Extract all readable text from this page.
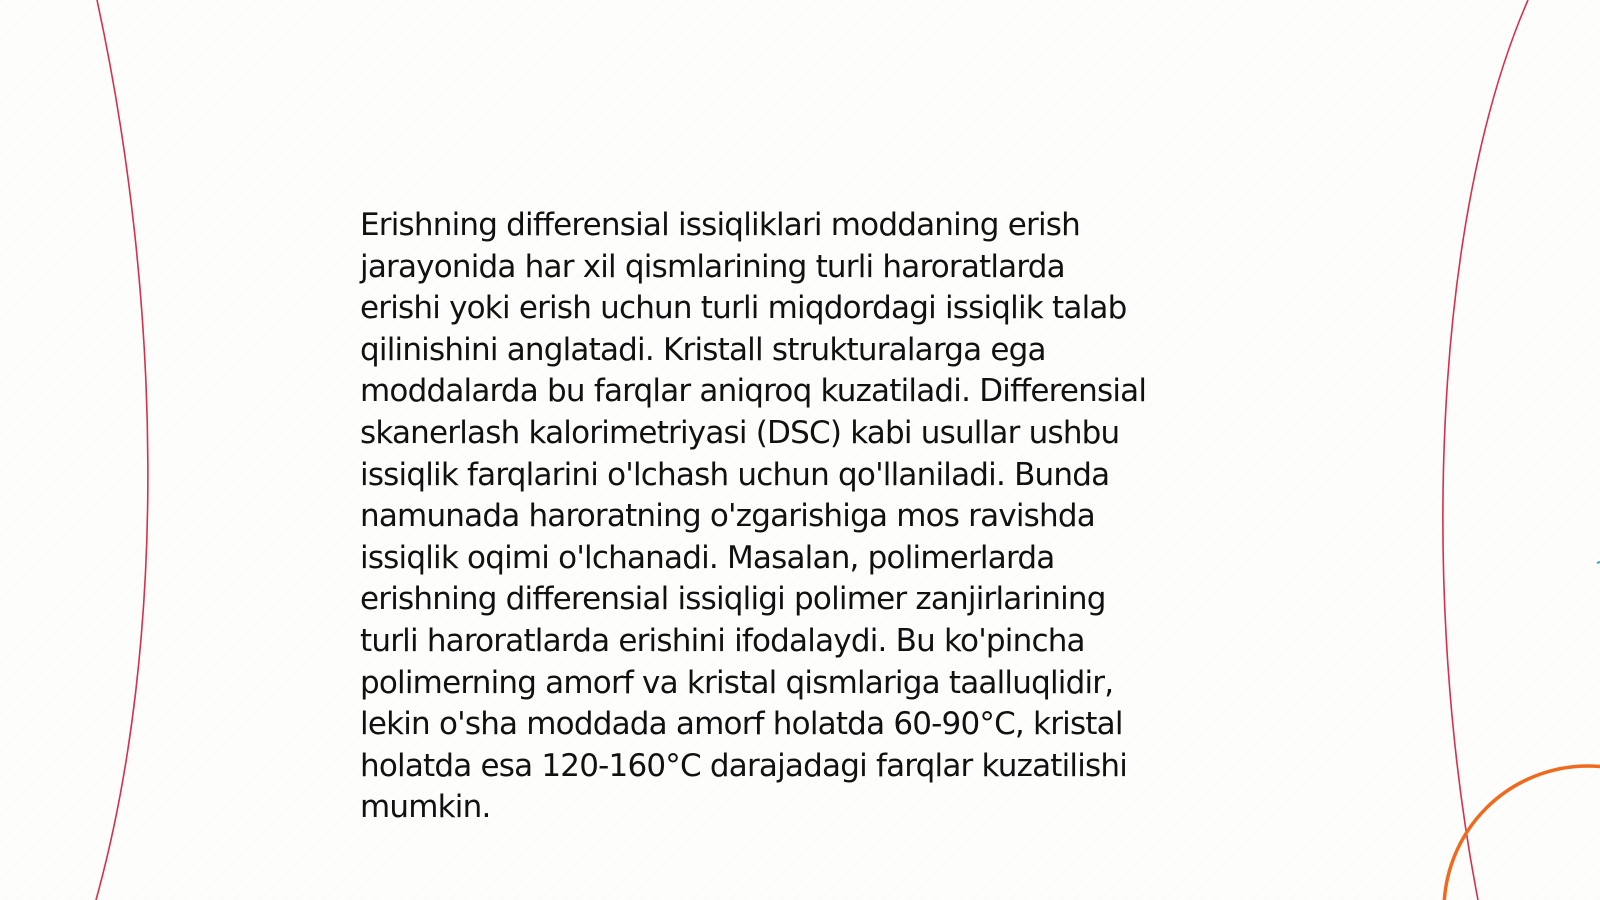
Erishning differensial issiqliklari moddaning erish
jarayonida har xil qismlarining turli haroratlarda
erishi yoki erish uchun turli miqdordagi issiqlik talab
qilinishini anglatadi. Kristall strukturalarga ega
moddalarda bu farqlar aniqroq kuzatiladi. Differensial
skanerlash kalorimetriyasi (DSC) kabi usullar ushbu
issiqlik farqlarini o'lchash uchun qo'llaniladi. Bunda
namunada haroratning o'zgarishiga mos ravishda
issiqlik oqimi o'lchanadi. Masalan, polimerlarda
erishning differensial issiqligi polimer zanjirlarining
turli haroratlarda erishini ifodalaydi. Bu ko'pincha
polimerning amorf va kristal qismlariga taalluqlidir,
lekin o'sha moddada amorf holatda 60-90°C, kristal
holatda esa 120-160°C darajadagi farqlar kuzatilishi
mumkin.
